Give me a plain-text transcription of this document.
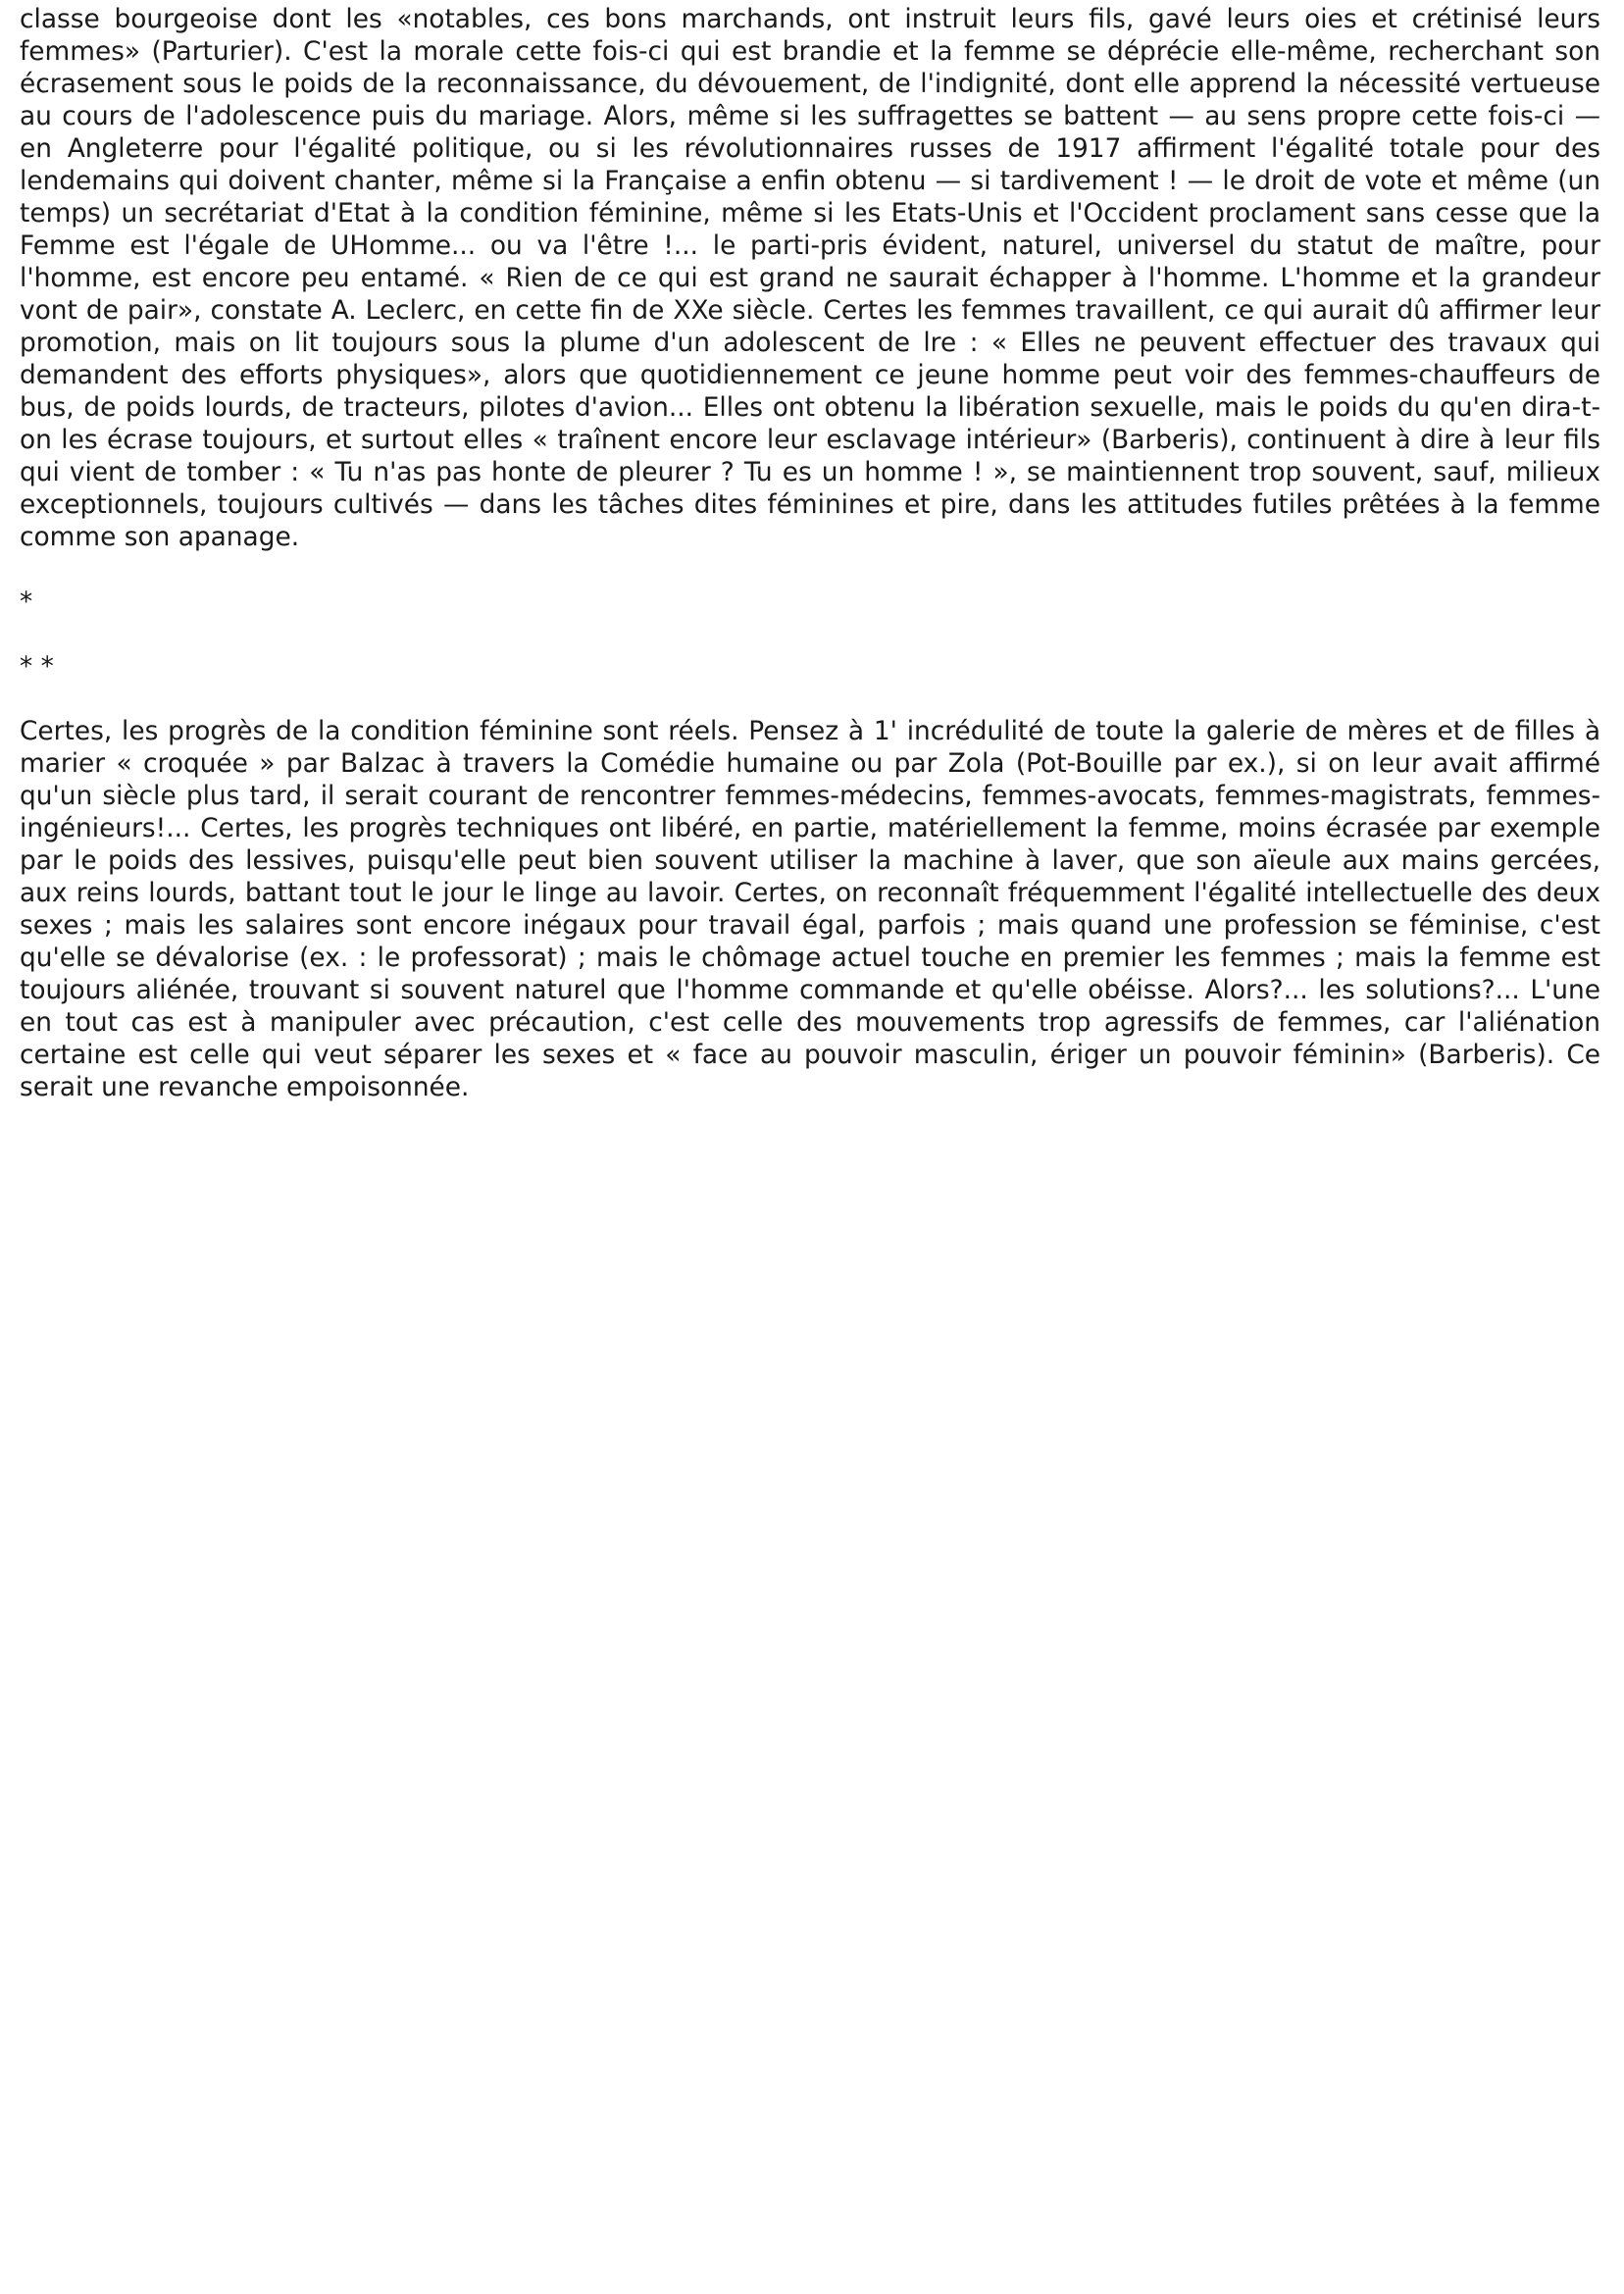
classe bourgeoise dont les «notables, ces bons marchands, ont instruit leurs fils, gavé leurs oies et crétinisé leurs femmes» (Parturier). C'est la morale cette fois-ci qui est brandie et la femme se déprécie elle-même, recherchant son écrasement sous le poids de la reconnaissance, du dévouement, de l'indignité, dont elle apprend la nécessité vertueuse au cours de l'adolescence puis du mariage. Alors, même si les suffragettes se battent — au sens propre cette fois-ci — en Angleterre pour l'égalité politique, ou si les révolutionnaires russes de 1917 affirment l'égalité totale pour des lendemains qui doivent chanter, même si la Française a enfin obtenu — si tardivement ! — le droit de vote et même (un temps) un secrétariat d'Etat à la condition féminine, même si les Etats-Unis et l'Occident proclament sans cesse que la Femme est l'égale de UHomme... ou va l'être !... le parti-pris évident, naturel, universel du statut de maître, pour l'homme, est encore peu entamé. « Rien de ce qui est grand ne saurait échapper à l'homme. L'homme et la grandeur vont de pair», constate A. Leclerc, en cette fin de XXe siècle. Certes les femmes travaillent, ce qui aurait dû affirmer leur promotion, mais on lit toujours sous la plume d'un adolescent de lre : « Elles ne peuvent effectuer des travaux qui demandent des efforts physiques», alors que quotidiennement ce jeune homme peut voir des femmes-chauffeurs de bus, de poids lourds, de tracteurs, pilotes d'avion... Elles ont obtenu la libération sexuelle, mais le poids du qu'en dira-t-on les écrase toujours, et surtout elles « traînent encore leur esclavage intérieur» (Barberis), continuent à dire à leur fils qui vient de tomber : « Tu n'as pas honte de pleurer ? Tu es un homme ! », se maintiennent trop souvent, sauf, milieux exceptionnels, toujours cultivés — dans les tâches dites féminines et pire, dans les attitudes futiles prêtées à la femme comme son apanage.

*

* *

Certes, les progrès de la condition féminine sont réels. Pensez à 1' incrédulité de toute la galerie de mères et de filles à marier « croquée » par Balzac à travers la Comédie humaine ou par Zola (Pot-Bouille par ex.), si on leur avait affirmé qu'un siècle plus tard, il serait courant de rencontrer femmes-médecins, femmes-avocats, femmes-magistrats, femmes-ingénieurs!... Certes, les progrès techniques ont libéré, en partie, matériellement la femme, moins écrasée par exemple par le poids des lessives, puisqu'elle peut bien souvent utiliser la machine à laver, que son aïeule aux mains gercées, aux reins lourds, battant tout le jour le linge au lavoir. Certes, on reconnaît fréquemment l'égalité intellectuelle des deux sexes ; mais les salaires sont encore inégaux pour travail égal, parfois ; mais quand une profession se féminise, c'est qu'elle se dévalorise (ex. : le professorat) ; mais le chômage actuel touche en premier les femmes ; mais la femme est toujours aliénée, trouvant si souvent naturel que l'homme commande et qu'elle obéisse. Alors?... les solutions?... L'une en tout cas est à manipuler avec précaution, c'est celle des mouvements trop agressifs de femmes, car l'aliénation certaine est celle qui veut séparer les sexes et « face au pouvoir masculin, ériger un pouvoir féminin» (Barberis). Ce serait une revanche empoisonnée.
